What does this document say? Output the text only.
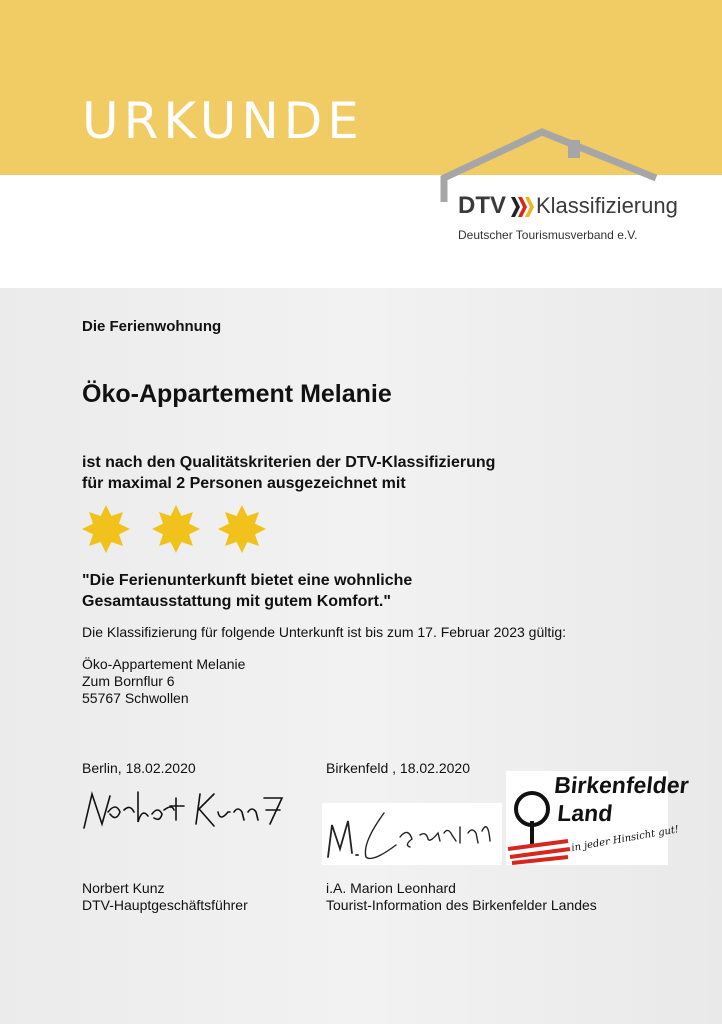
URKUNDE
DTV Klassifizierung
Deutscher Tourismusverband e.V.
Die Ferienwohnung
Öko-Appartement Melanie
ist nach den Qualitätskriterien der DTV-Klassifizierung
für maximal 2 Personen ausgezeichnet mit
"Die Ferienunterkunft bietet eine wohnliche
Gesamtausstattung mit gutem Komfort."
Die Klassifizierung für folgende Unterkunft ist bis zum 17. Februar 2023 gültig:
Öko-Appartement Melanie
Zum Bornflur 6
55767 Schwollen
Berlin, 18.02.2020	Birkenfeld , 18.02.2020
Birkenfelder
Land
in jeder Hinsicht gut!
Norbert Kunz
DTV-Hauptgeschäftsführer
i.A. Marion Leonhard
Tourist-Information des Birkenfelder Landes
